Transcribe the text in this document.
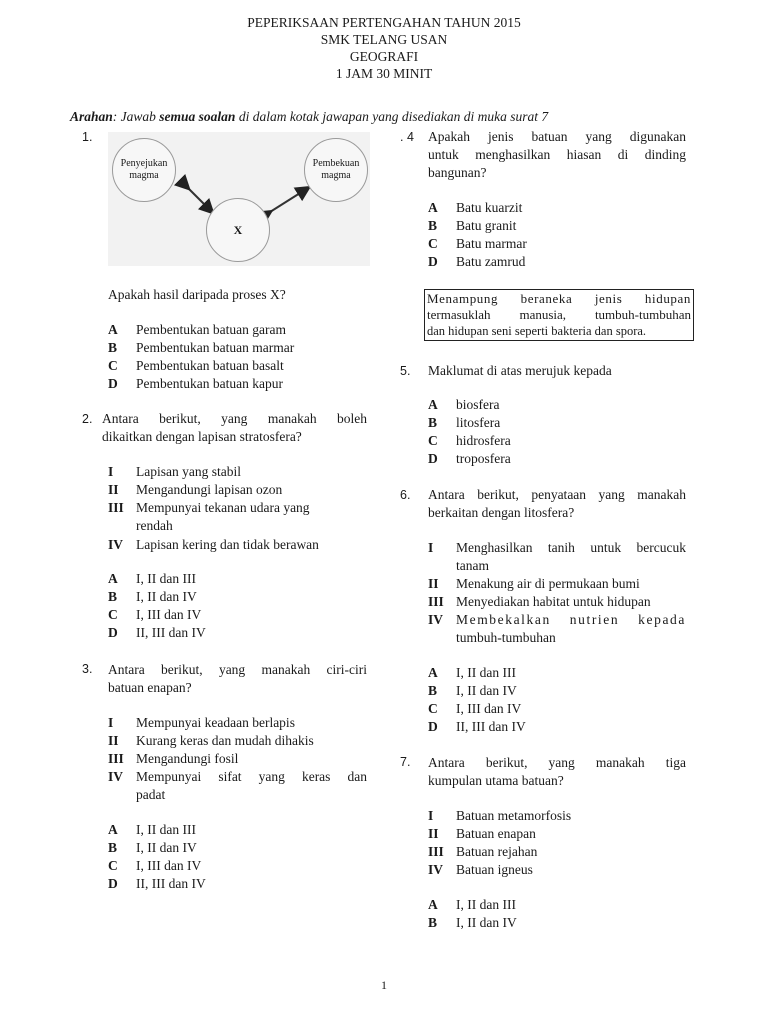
PEPERIKSAAN PERTENGAHAN TAHUN 2015
SMK TELANG USAN
GEOGRAFI
1 JAM 30 MINIT
Arahan: Jawab semua soalan di dalam kotak jawapan yang disediakan di muka surat 7
1.
Penyejukan
magma
Pembekuan
magma
X
Apakah hasil daripada proses X?
A Pembentukan batuan garam
B Pembentukan batuan marmar
C Pembentukan batuan basalt
D Pembentukan batuan kapur
2. Antara berikut, yang manakah boleh
dikaitkan dengan lapisan stratosfera?
I Lapisan yang stabil
II Mengandungi lapisan ozon
III Mempunyai tekanan udara yang
rendah
IV Lapisan kering dan tidak berawan
A I, II dan III
B I, II dan IV
C I, III dan IV
D II, III dan IV
3. Antara berikut, yang manakah ciri-ciri
batuan enapan?
I Mempunyai keadaan berlapis
II Kurang keras dan mudah dihakis
III Mengandungi fosil
IV Mempunyai sifat yang keras dan
padat
A I, II dan III
B I, II dan IV
C I, III dan IV
D II, III dan IV
. 4 Apakah jenis batuan yang digunakan
untuk menghasilkan hiasan di dinding
bangunan?
A Batu kuarzit
B Batu granit
C Batu marmar
D Batu zamrud
Menampung beraneka jenis hidupan
termasuklah manusia, tumbuh-tumbuhan
dan hidupan seni seperti bakteria dan spora.
5. Maklumat di atas merujuk kepada
A biosfera
B litosfera
C hidrosfera
D troposfera
6. Antara berikut, penyataan yang manakah
berkaitan dengan litosfera?
I Menghasilkan tanih untuk bercucuk
tanam
II Menakung air di permukaan bumi
III Menyediakan habitat untuk hidupan
IV Membekalkan nutrien kepada
tumbuh-tumbuhan
A I, II dan III
B I, II dan IV
C I, III dan IV
D II, III dan IV
7. Antara berikut, yang manakah tiga
kumpulan utama batuan?
I Batuan metamorfosis
II Batuan enapan
III Batuan rejahan
IV Batuan igneus
A I, II dan III
B I, II dan IV
1
